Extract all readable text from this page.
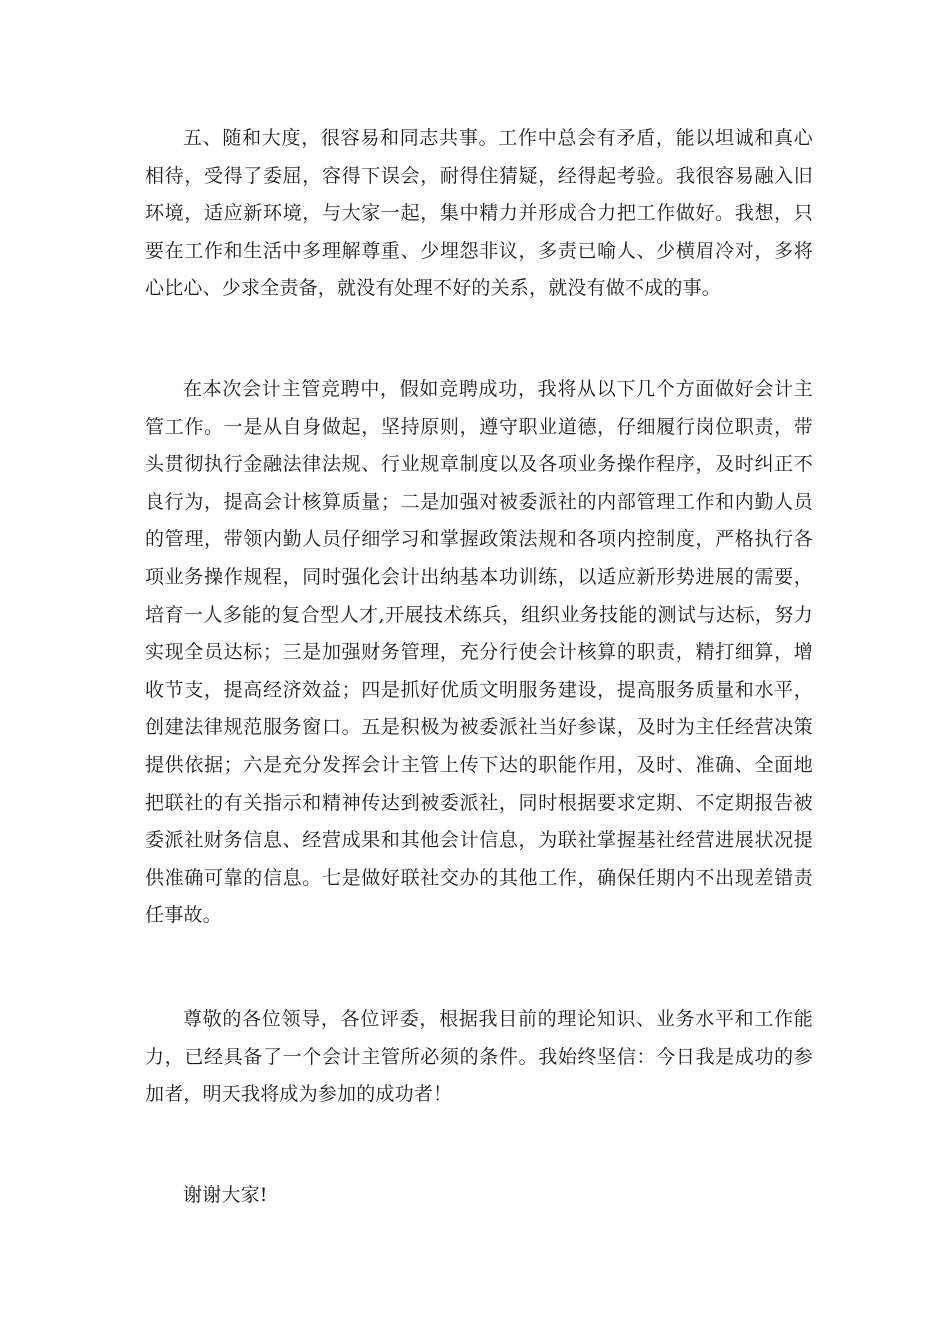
五、随和大度，很容易和同志共事。工作中总会有矛盾，能以坦诚和真心相待，受得了委屈，容得下误会，耐得住猜疑，经得起考验。我很容易融入旧环境，适应新环境，与大家一起，集中精力并形成合力把工作做好。我想，只要在工作和生活中多理解尊重、少埋怨非议，多责已喻人、少横眉冷对，多将心比心、少求全责备，就没有处理不好的关系，就没有做不成的事。

在本次会计主管竞聘中，假如竞聘成功，我将从以下几个方面做好会计主管工作。一是从自身做起，坚持原则，遵守职业道德，仔细履行岗位职责，带头贯彻执行金融法律法规、行业规章制度以及各项业务操作程序，及时纠正不良行为，提高会计核算质量；二是加强对被委派社的内部管理工作和内勤人员的管理，带领内勤人员仔细学习和掌握政策法规和各项内控制度，严格执行各项业务操作规程，同时强化会计出纳基本功训练，以适应新形势进展的需要，培育一人多能的复合型人才,开展技术练兵，组织业务技能的测试与达标，努力实现全员达标；三是加强财务管理，充分行使会计核算的职责，精打细算，增收节支，提高经济效益；四是抓好优质文明服务建设，提高服务质量和水平，创建法律规范服务窗口。五是积极为被委派社当好参谋，及时为主任经营决策提供依据；六是充分发挥会计主管上传下达的职能作用，及时、准确、全面地把联社的有关指示和精神传达到被委派社，同时根据要求定期、不定期报告被委派社财务信息、经营成果和其他会计信息，为联社掌握基社经营进展状况提供准确可靠的信息。七是做好联社交办的其他工作，确保任期内不出现差错责任事故。

尊敬的各位领导，各位评委，根据我目前的理论知识、业务水平和工作能力，已经具备了一个会计主管所必须的条件。我始终坚信：今日我是成功的参加者，明天我将成为参加的成功者！

谢谢大家!
